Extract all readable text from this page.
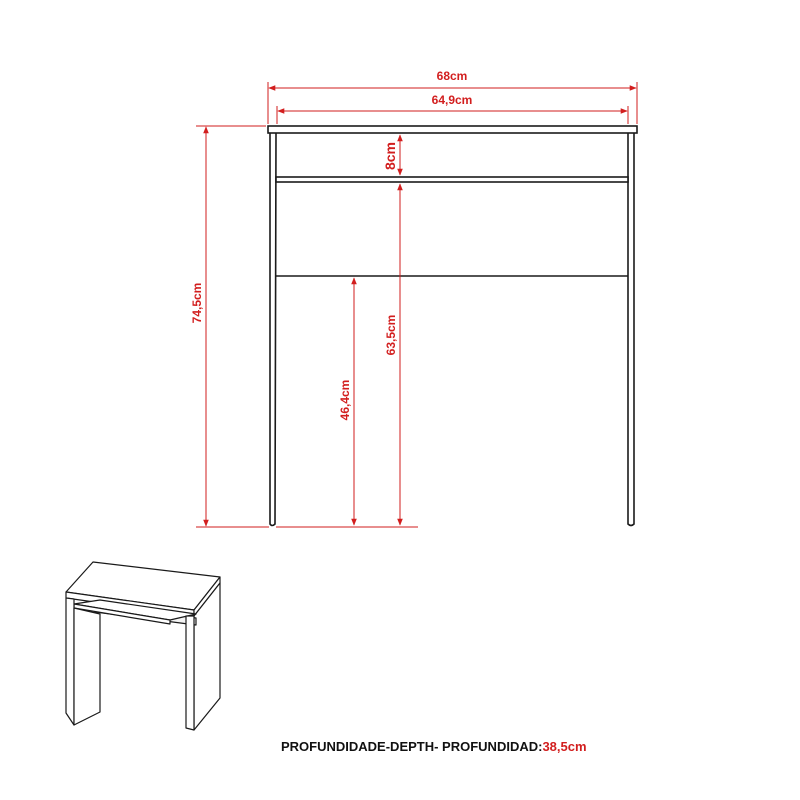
68cm
64,9cm
74,5cm
8cm
63,5cm
46,4cm
PROFUNDIDADE-DEPTH- PROFUNDIDAD:38,5cm
